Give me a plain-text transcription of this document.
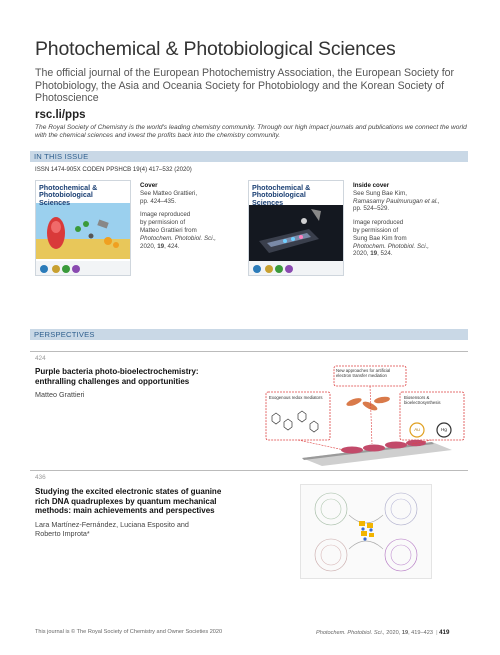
Photochemical & Photobiological Sciences
The official journal of the European Photochemistry Association, the European Society for Photobiology, the Asia and Oceania Society for Photobiology and the Korean Society of Photoscience
rsc.li/pps
The Royal Society of Chemistry is the world's leading chemistry community. Through our high impact journals and publications we connect the world with the chemical sciences and invest the profits back into the chemistry community.
IN THIS ISSUE
ISSN 1474-905X CODEN PPSHCB 19(4) 417–532 (2020)
Photochemical & Photobiological Sciences
Cover
See Matteo Grattieri,
pp. 424–435.
Image reproduced
by permission of
Matteo Grattieri from
Photochem. Photobiol. Sci.,
2020, 19, 424.
Photochemical & Photobiological Sciences
Inside cover
See Sung Bae Kim,
Ramasamy Paulmurugan et al.,
pp. 524–529.
Image reproduced
by permission of
Sung Bae Kim from
Photochem. Photobiol. Sci.,
2020, 19, 524.
PERSPECTIVES
424
Purple bacteria photo-bioelectrochemistry:
enthralling challenges and opportunities
Matteo Grattieri
New approaches for artificial electron transfer mediation
Exogenous redox mediators	Biosensors & bioelectrosynthesis
Au	Hg
436
Studying the excited electronic states of guanine
rich DNA quadruplexes by quantum mechanical
methods: main achievements and perspectives
Lara Martínez-Fernández, Luciana Esposito and
Roberto Improta*
This journal is © The Royal Society of Chemistry and Owner Societies 2020	Photochem. Photobiol. Sci., 2020, 19, 419–423  | 419
